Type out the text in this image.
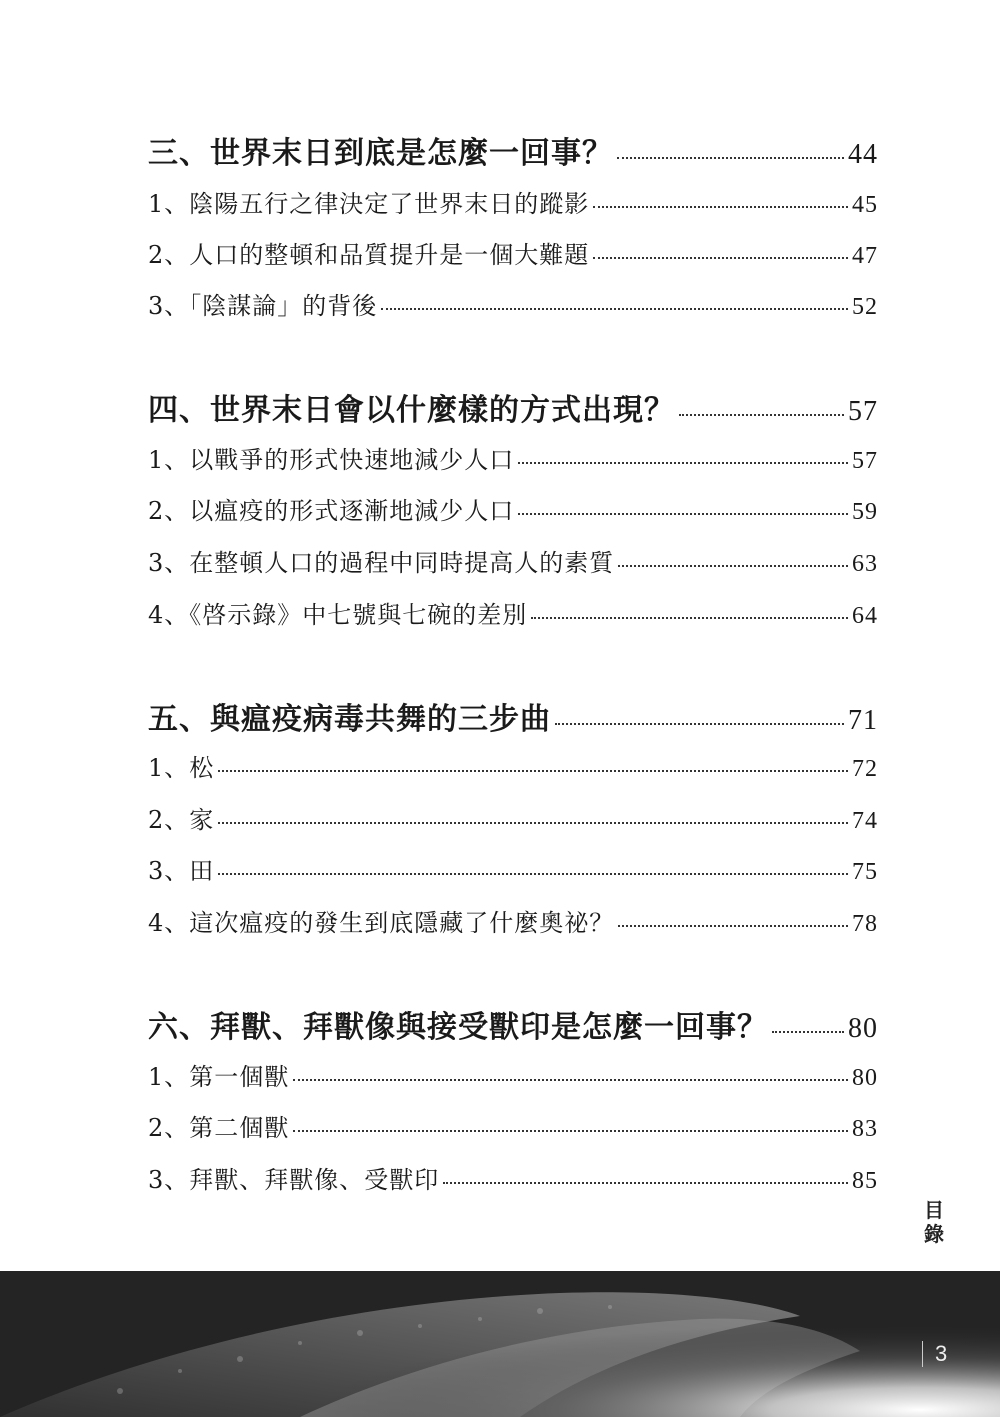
三、世界末日到底是怎麼一回事？	44
1、陰陽五行之律決定了世界末日的蹤影	45
2、人口的整頓和品質提升是一個大難題	47
3、「陰謀論」的背後	52
四、世界末日會以什麼樣的方式出現？	57
1、以戰爭的形式快速地減少人口	57
2、以瘟疫的形式逐漸地減少人口	59
3、在整頓人口的過程中同時提高人的素質	63
4、《啓示錄》中七號與七碗的差別	64
五、與瘟疫病毒共舞的三步曲	71
1、松	72
2、家	74
3、田	75
4、這次瘟疫的發生到底隱藏了什麼奧祕？	78
六、拜獸、拜獸像與接受獸印是怎麼一回事？	80
1、第一個獸	80
2、第二個獸	83
3、拜獸、拜獸像、受獸印	85
目
錄
3
